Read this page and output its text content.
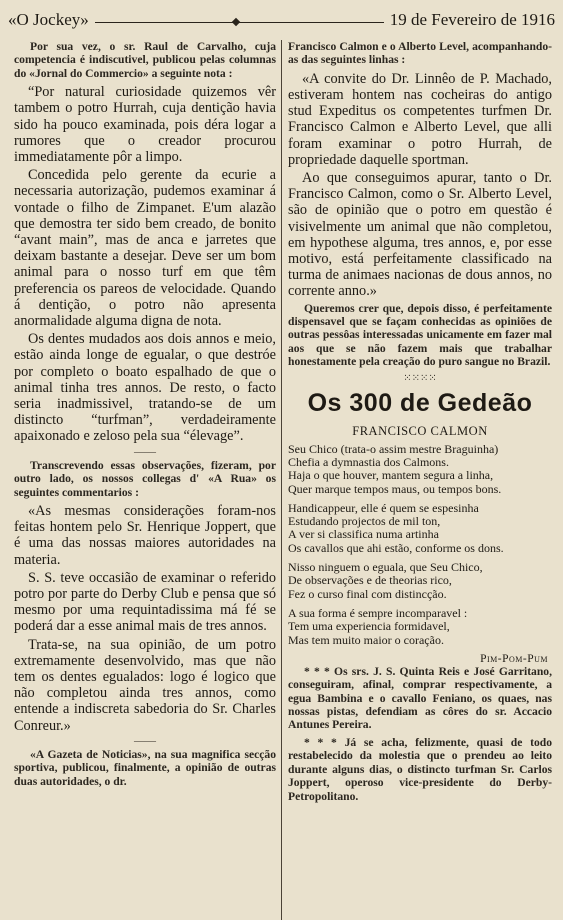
«O Jockey»	19 de Fevereiro de 1916

Por sua vez, o sr. Raul de Carvalho, cuja competencia é indiscutivel, publicou pelas columnas do «Jornal do Commercio» a seguinte nota :

“Por natural curiosidade quizemos vêr tambem o potro Hurrah, cuja dentição havia sido ha pouco examinada, pois déra logar a rumores que o creador procurou immediatamente pôr a limpo.

Concedida pelo gerente da ecurie a necessaria autorização, pudemos examinar á vontade o filho de Zimpanet. E'um alazão que demostra ter sido bem creado, de bonito “avant main”, mas de anca e jarretes que deixam bastante a desejar. Deve ser um bom animal para o nosso turf em que têm preferencia os pareos de velocidade. Quando á dentição, o potro não apresenta anormalidade alguma digna de nota.

Os dentes mudados aos dois annos e meio, estão ainda longe de egualar, o que destróe por completo o boato espalhado de que o animal tinha tres annos. De resto, o facto seria inadmissivel, tratando-se de um distincto “turfman”, verdadeiramente apaixonado e zeloso pela sua “élevage”.

——

Transcrevendo essas observações, fizeram, por outro lado, os nossos collegas d' «A Rua» os seguintes commentarios :

«As mesmas considerações foram-nos feitas hontem pelo Sr. Henrique Joppert, que é uma das nossas maiores autoridades na materia.

S. S. teve occasião de examinar o referido potro por parte do Derby Club e pensa que só mesmo por uma requintadissima má fé se poderá dar a esse animal mais de tres annos.

Trata-se, na sua opinião, de um potro extremamente desenvolvido, mas que não tem os dentes egualados: logo é logico que não completou ainda tres annos, como entende a indiscreta sabedoria do Sr. Charles Conreur.»

——

«A Gazeta de Noticias», na sua magnifica secção sportiva, publicou, finalmente, a opinião de outras duas autoridades, o dr.

Francisco Calmon e o Alberto Level, acompanhando-as das seguintes linhas :

«A convite do Dr. Linnêo de P. Machado, estiveram hontem nas cocheiras do antigo stud Expeditus os competentes turfmen Dr. Francisco Calmon e Alberto Level, que alli foram examinar o potro Hurrah, de propriedade daquelle sportman.

Ao que conseguimos apurar, tanto o Dr. Francisco Calmon, como o Sr. Alberto Level, são de opinião que o potro em questão é visivelmente um animal que não completou, em hypothese alguma, tres annos, e, por esse motivo, está perfeitamente classificado na turma de animaes nacionas de dous annos, no corrente anno.»

Queremos crer que, depois disso, é perfeitamente dispensavel que se façam conhecidas as opiniões de outras pessôas interessadas unicamente em fazer mal aos que se não fazem mais que trabalhar honestamente pela creação do puro sangue no Brazil.

⁙⁙⁙⁙
Os 300 de Gedeão
FRANCISCO CALMON
Seu Chico (trata-o assim mestre Braguinha)
Chefia a dymnastia dos Calmons.
Haja o que houver, mantem segura a linha,
Quer marque tempos maus, ou tempos bons.
Handicappeur, elle é quem se espesinha
Estudando projectos de mil ton,
A ver si classifica numa artinha
Os cavallos que ahi estão, conforme os dons.
Nisso ninguem o eguala, que Seu Chico,
De observações e de theorias rico,
Fez o curso final com distincção.
A sua forma é sempre incomparavel :
Tem uma experiencia formidavel,
Mas tem muito maior o coração.
Pim-Pom-Pum

* * * Os srs. J. S. Quinta Reis e José Garritano, conseguiram, afinal, comprar respectivamente, a egua Bambina e o cavallo Feniano, os quaes, nas nossas pistas, defendiam as côres do sr. Accacio Antunes Pereira.

* * * Já se acha, felizmente, quasi de todo restabelecido da molestia que o prendeu ao leito durante alguns dias, o distincto turfman Sr. Carlos Joppert, operoso vice-presidente do Derby-Petropolitano.
